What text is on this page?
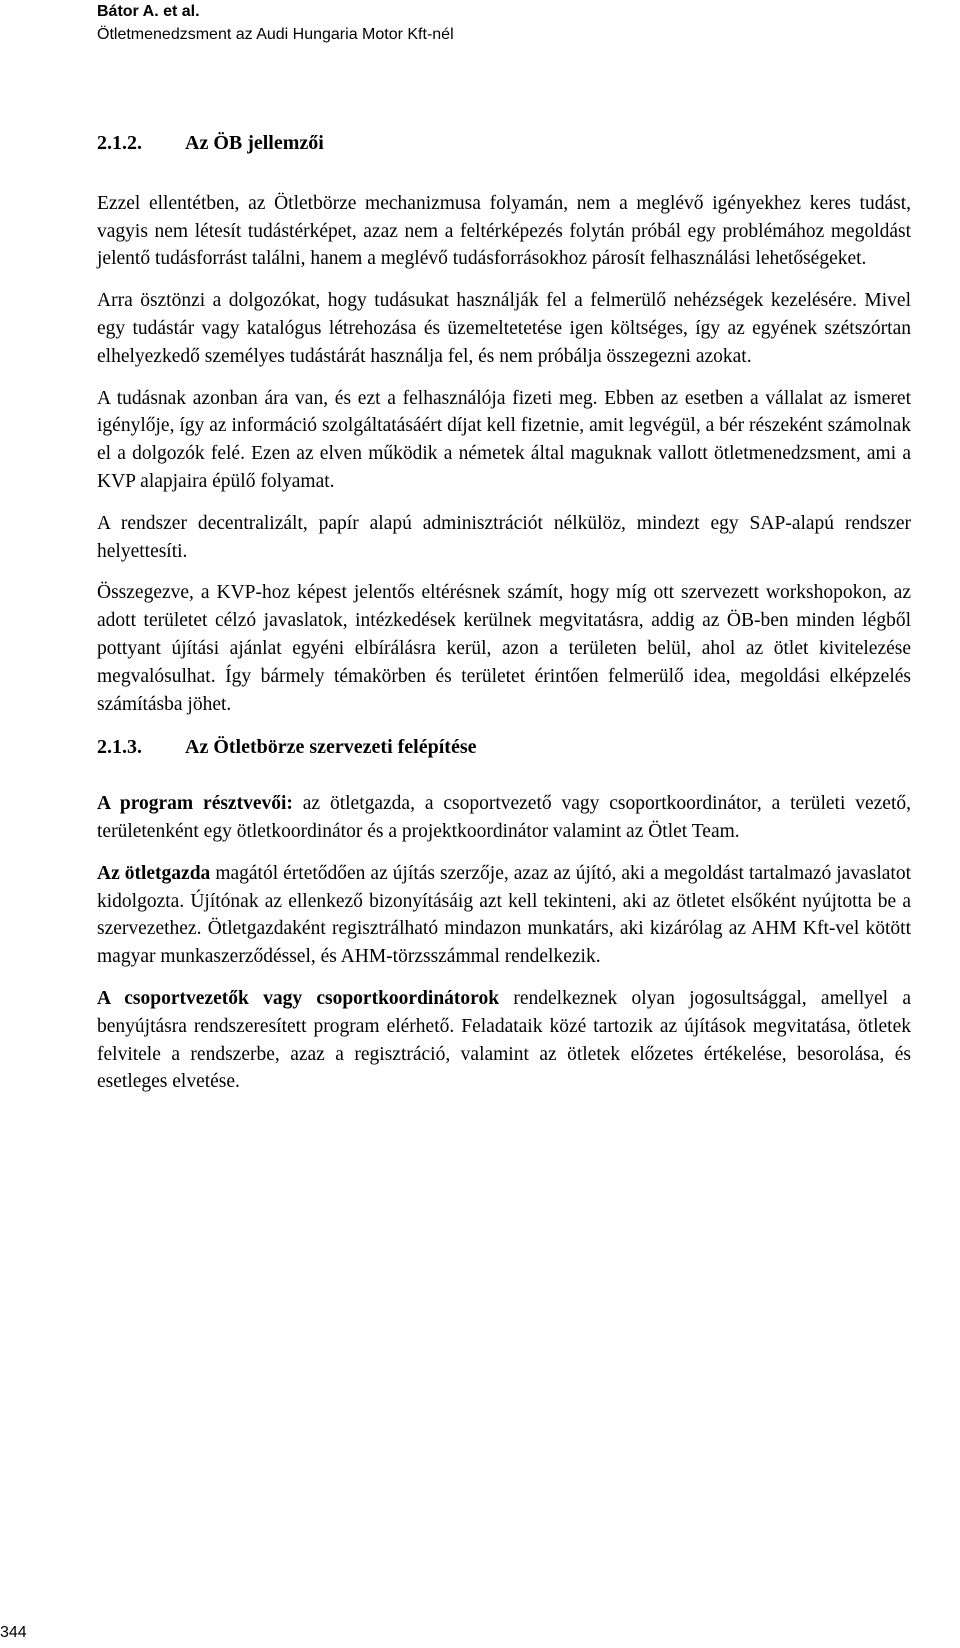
Bátor A. et al.
Ötletmenedzsment az Audi Hungaria Motor Kft-nél
2.1.2.	Az ÖB jellemzői

Ezzel ellentétben, az Ötletbörze mechanizmusa folyamán, nem a meglévő igényekhez keres tudást, vagyis nem létesít tudástérképet, azaz nem a feltérképezés folytán próbál egy problémához megoldást jelentő tudásforrást találni, hanem a meglévő tudásforrásokhoz párosít felhasználási lehetőségeket.

Arra ösztönzi a dolgozókat, hogy tudásukat használják fel a felmerülő nehézségek kezelésére. Mivel egy tudástár vagy katalógus létrehozása és üzemeltetetése igen költséges, így az egyének szétszórtan elhelyezkedő személyes tudástárát használja fel, és nem próbálja összegezni azokat.

A tudásnak azonban ára van, és ezt a felhasználója fizeti meg. Ebben az esetben a vállalat az ismeret igénylője, így az információ szolgáltatásáért díjat kell fizetnie, amit legvégül, a bér részeként számolnak el a dolgozók felé. Ezen az elven működik a németek által maguknak vallott ötletmenedzsment, ami a KVP alapjaira épülő folyamat.

A rendszer decentralizált, papír alapú adminisztrációt nélkülöz, mindezt egy SAP-alapú rendszer helyettesíti.

Összegezve, a KVP-hoz képest jelentős eltérésnek számít, hogy míg ott szervezett workshopokon, az adott területet célzó javaslatok, intézkedések kerülnek megvitatásra, addig az ÖB-ben minden légből pottyant újítási ajánlat egyéni elbírálásra kerül, azon a területen belül, ahol az ötlet kivitelezése megvalósulhat. Így bármely témakörben és területet érintően felmerülő idea, megoldási elképzelés számításba jöhet.

2.1.3.	Az Ötletbörze szervezeti felépítése

A program résztvevői: az ötletgazda, a csoportvezető vagy csoportkoordinátor, a területi vezető, területenként egy ötletkoordinátor és a projektkoordinátor valamint az Ötlet Team.

Az ötletgazda magától értetődően az újítás szerzője, azaz az újító, aki a megoldást tartalmazó javaslatot kidolgozta. Újítónak az ellenkező bizonyításáig azt kell tekinteni, aki az ötletet elsőként nyújtotta be a szervezethez. Ötletgazdaként regisztrálható mindazon munkatárs, aki kizárólag az AHM Kft-vel kötött magyar munkaszerződéssel, és AHM-törzsszámmal rendelkezik.

A csoportvezetők vagy csoportkoordinátorok rendelkeznek olyan jogosultsággal, amellyel a benyújtásra rendszeresített program elérhető. Feladataik közé tartozik az újítások megvitatása, ötletek felvitele a rendszerbe, azaz a regisztráció, valamint az ötletek előzetes értékelése, besorolása, és esetleges elvetése.

344
